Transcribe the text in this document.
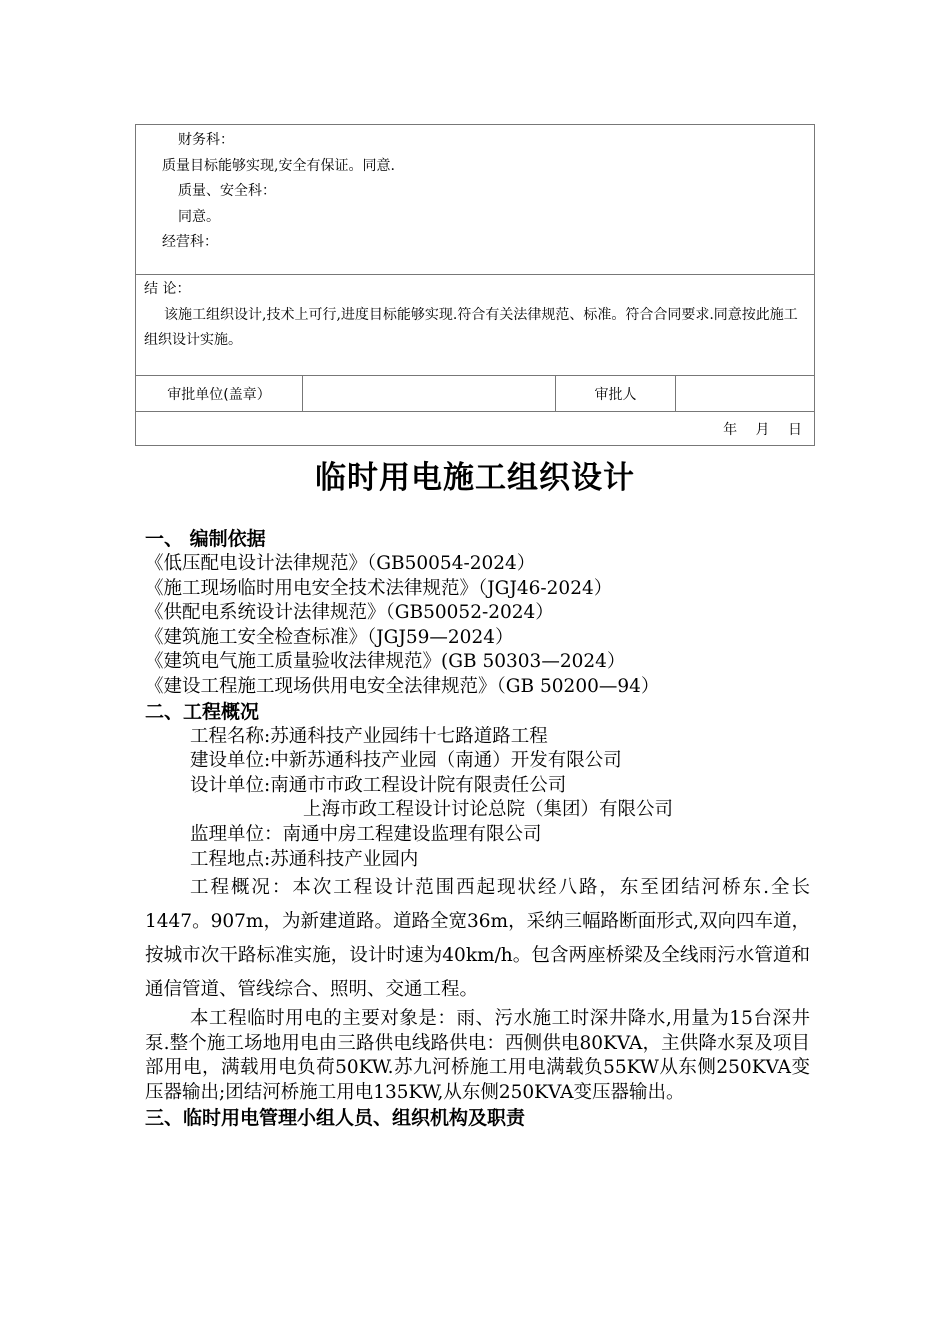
财务科：
质量目标能够实现,安全有保证。同意.
质量、安全科：
同意。
经营科：
结 论：
该施工组织设计,技术上可行,进度目标能够实现.符合有关法律规范、标准。符合合同要求.同意按此施工组织设计实施。
审批单位(盖章）	审批人
年 月 日
临时用电施工组织设计
一、 编制依据
《低压配电设计法律规范》（GB50054-2024）
《施工现场临时用电安全技术法律规范》（JGJ46-2024）
《供配电系统设计法律规范》（GB50052-2024）
《建筑施工安全检查标准》（JGJ59—2024）
《建筑电气施工质量验收法律规范》(GB 50303—2024）
《建设工程施工现场供用电安全法律规范》（GB 50200—94）
二、工程概况
工程名称:苏通科技产业园纬十七路道路工程
建设单位:中新苏通科技产业园（南通）开发有限公司
设计单位:南通市市政工程设计院有限责任公司
上海市政工程设计讨论总院（集团）有限公司
监理单位：南通中房工程建设监理有限公司
工程地点:苏通科技产业园内
工程概况：本次工程设计范围西起现状经八路，东至团结河桥东.全长1447。907m，为新建道路。道路全宽36m，采纳三幅路断面形式,双向四车道，按城市次干路标准实施，设计时速为40km/h。包含两座桥梁及全线雨污水管道和通信管道、管线综合、照明、交通工程。
本工程临时用电的主要对象是：雨、污水施工时深井降水,用量为15台深井泵.整个施工场地用电由三路供电线路供电：西侧供电80KVA，主供降水泵及项目部用电，满载用电负荷50KW.苏九河桥施工用电满载负55KW从东侧250KVA变压器输出;团结河桥施工用电135KW,从东侧250KVA变压器输出。
三、临时用电管理小组人员、组织机构及职责
